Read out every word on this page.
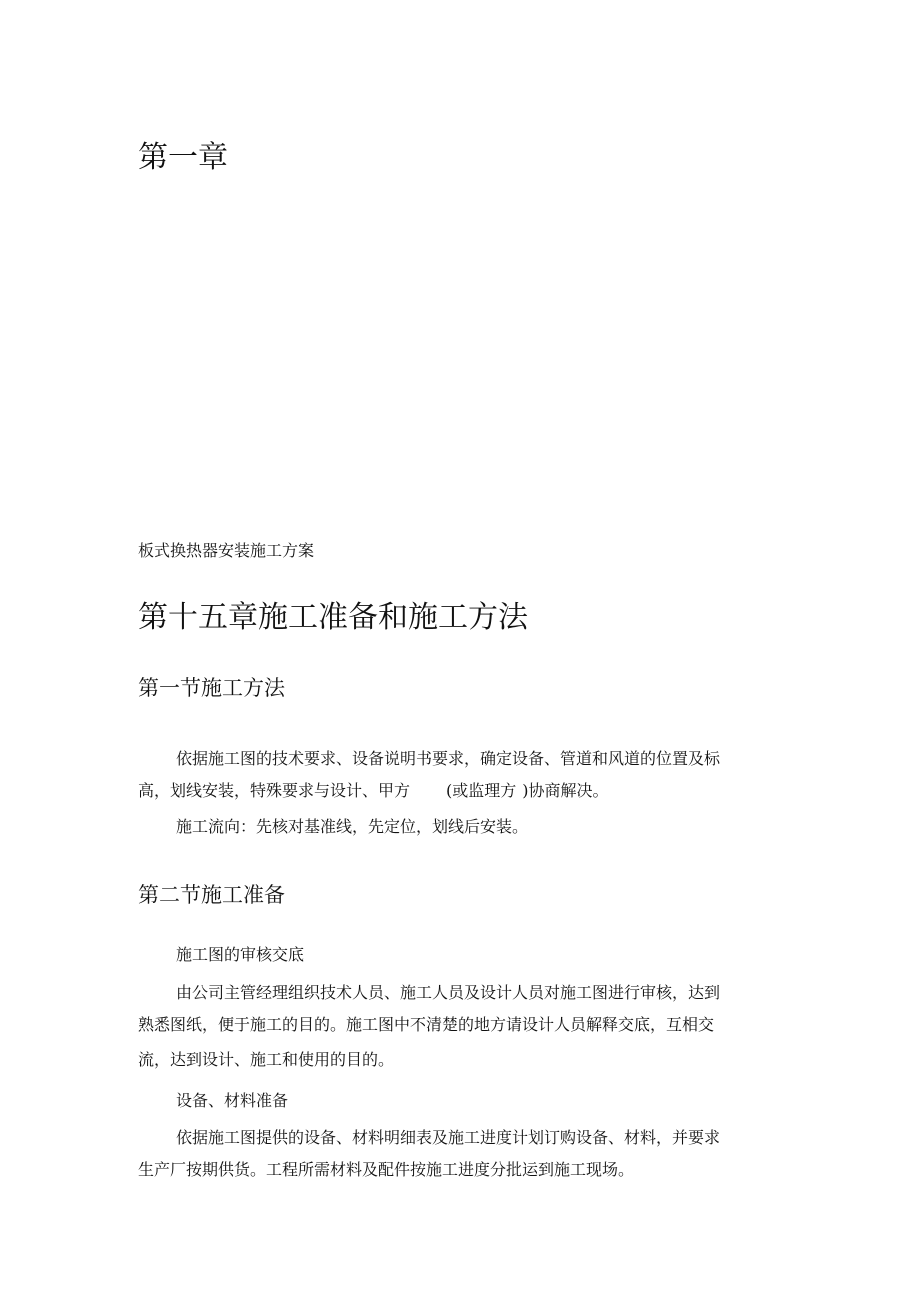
第一章
板式换热器安装施工方案
第十五章施工准备和施工方法
第一节施工方法
依据施工图的技术要求、设备说明书要求，确定设备、管道和风道的位置及标
高，划线安装，特殊要求与设计、甲方 (或监理方 )协商解决。
施工流向：先核对基准线，先定位，划线后安装。
第二节施工准备
施工图的审核交底
由公司主管经理组织技术人员、施工人员及设计人员对施工图进行审核，达到
熟悉图纸，便于施工的目的。施工图中不清楚的地方请设计人员解释交底，互相交
流，达到设计、施工和使用的目的。
设备、材料准备
依据施工图提供的设备、材料明细表及施工进度计划订购设备、材料，并要求
生产厂按期供货。工程所需材料及配件按施工进度分批运到施工现场。
